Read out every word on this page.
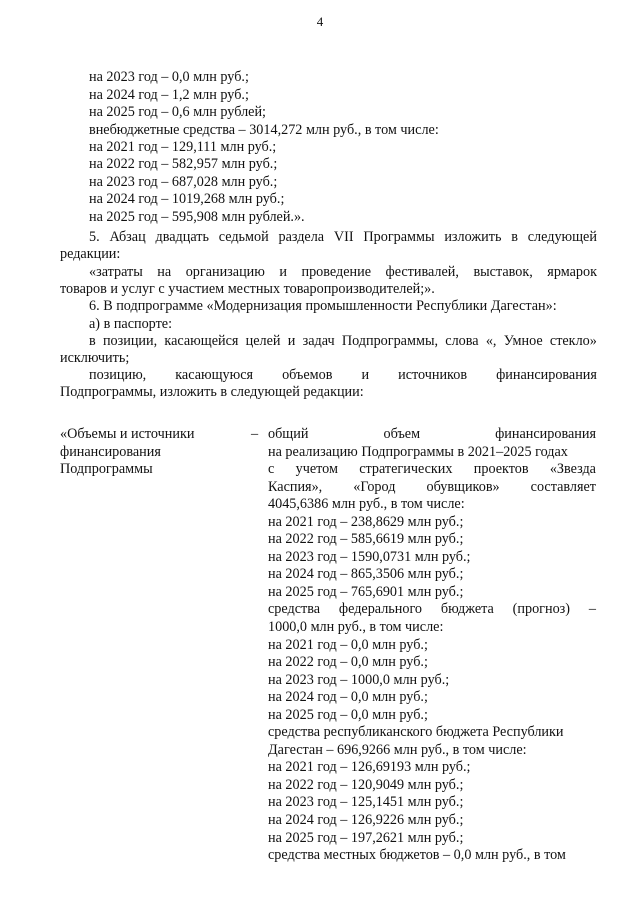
4
на 2023 год – 0,0 млн руб.;
на 2024 год – 1,2 млн руб.;
на 2025 год – 0,6 млн рублей;
внебюджетные средства – 3014,272 млн руб., в том числе:
на 2021 год – 129,111 млн руб.;
на 2022 год – 582,957 млн руб.;
на 2023 год – 687,028 млн руб.;
на 2024 год – 1019,268 млн руб.;
на 2025 год – 595,908 млн рублей.».
5. Абзац двадцать седьмой раздела VII Программы изложить в следующей
редакции:
«затраты на организацию и проведение фестивалей, выставок, ярмарок
товаров и услуг с участием местных товаропроизводителей;».
6. В подпрограмме «Модернизация промышленности Республики Дагестан»:
а) в паспорте:
в позиции, касающейся целей и задач Подпрограммы, слова «, Умное стекло»
исключить;
позицию, касающуюся объемов и источников финансирования
Подпрограммы, изложить в следующей редакции:
«Объемы и источники
финансирования
Подпрограммы
– общий	объем	финансирования
на реализацию Подпрограммы в 2021–2025 годах
с учетом стратегических проектов «Звезда
Каспия», «Город обувщиков» составляет
4045,6386 млн руб., в том числе:
на 2021 год – 238,8629 млн руб.;
на 2022 год – 585,6619 млн руб.;
на 2023 год – 1590,0731 млн руб.;
на 2024 год – 865,3506 млн руб.;
на 2025 год – 765,6901 млн руб.;
средства федерального бюджета (прогноз) –
1000,0 млн руб., в том числе:
на 2021 год – 0,0 млн руб.;
на 2022 год – 0,0 млн руб.;
на 2023 год – 1000,0 млн руб.;
на 2024 год – 0,0 млн руб.;
на 2025 год – 0,0 млн руб.;
средства республиканского бюджета Республики
Дагестан – 696,9266 млн руб., в том числе:
на 2021 год – 126,69193 млн руб.;
на 2022 год – 120,9049 млн руб.;
на 2023 год – 125,1451 млн руб.;
на 2024 год – 126,9226 млн руб.;
на 2025 год – 197,2621 млн руб.;
средства местных бюджетов – 0,0 млн руб., в том
